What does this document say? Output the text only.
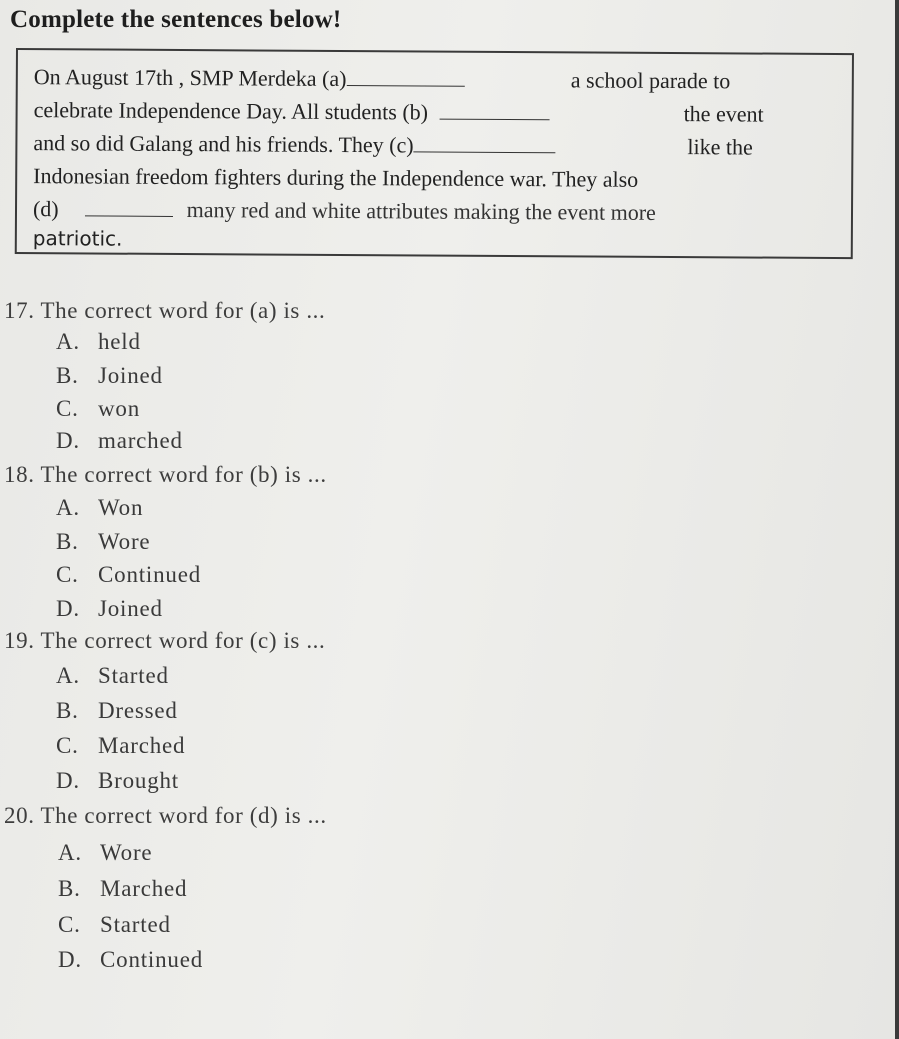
Complete the sentences below!
On August 17th , SMP Merdeka (a)	a school parade to
celebrate Independence Day. All students (b)	the event
and so did Galang and his friends. They (c)	like the
Indonesian freedom fighters during the Independence war. They also
(d)	many red and white attributes making the event more
patriotic.
17. The correct word for (a) is ...
A. held
B. Joined
C. won
D. marched
18. The correct word for (b) is ...
A. Won
B. Wore
C. Continued
D. Joined
19. The correct word for (c) is ...
A. Started
B. Dressed
C. Marched
D. Brought
20. The correct word for (d) is ...
A. Wore
B. Marched
C. Started
D. Continued
